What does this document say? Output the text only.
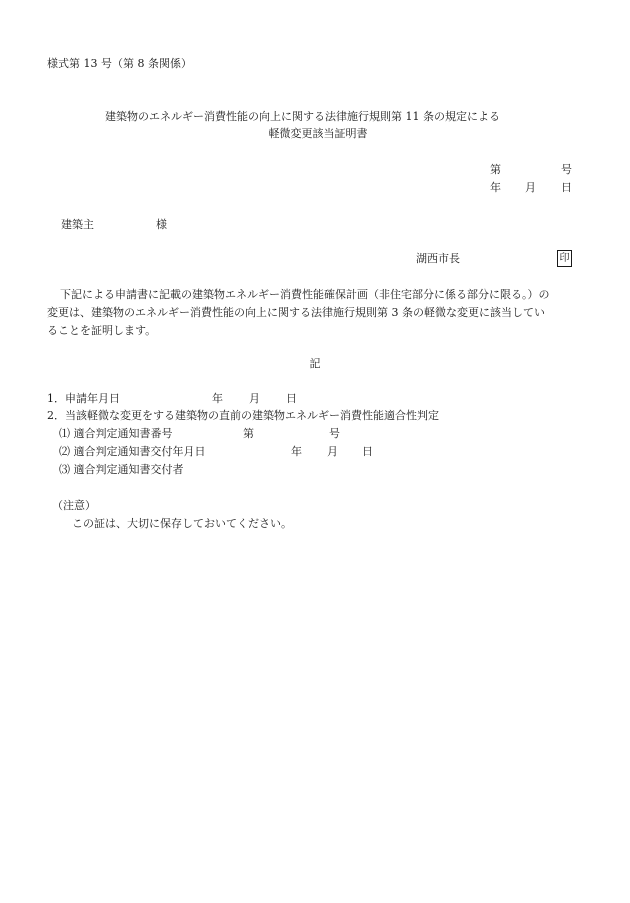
様式第 13 号（第 8 条関係）
建築物のエネルギー消費性能の向上に関する法律施行規則第 11 条の規定による
軽微変更該当証明書
第	号
年 月 日
建築主	様
湖西市長	印
下記による申請書に記載の建築物エネルギー消費性能確保計画（非住宅部分に係る部分に限る。）の
変更は、建築物のエネルギー消費性能の向上に関する法律施行規則第 3 条の軽微な変更に該当してい
ることを証明します。
記
1．申請年月日	年 月 日
2．当該軽微な変更をする建築物の直前の建築物エネルギー消費性能適合性判定
⑴ 適合判定通知書番号	第	号
⑵ 適合判定通知書交付年月日	年 月 日
⑶ 適合判定通知書交付者
（注意）
この証は、大切に保存しておいてください。
